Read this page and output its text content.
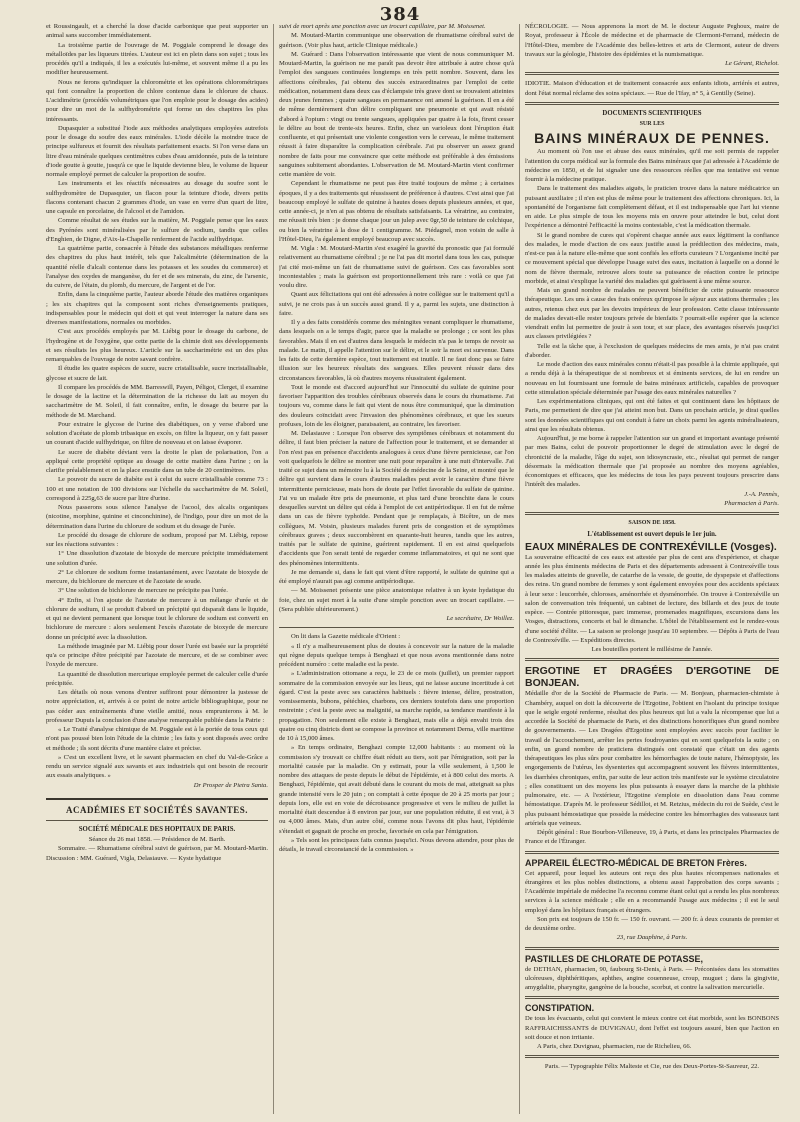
384

et Roussingault, et a cherché la dose d'acide carbonique que peut supporter un animal sans succomber immédiatement.

La troisième partie de l'ouvrage de M. Poggiale comprend le dosage des métalloïdes par les liqueurs titrées. L'auteur est ici en plein dans son sujet ; tous les procédés qu'il a indiqués, il les a exécutés lui-même, et souvent même il a pu les modifier heureusement.

Nous ne ferons qu'indiquer la chlorométrie et les opérations chlorométriques qui font connaître la proportion de chlore contenue dans le chlorure de chaux. L'acidimétrie (procédés volumétriques que l'on emploie pour le dosage des acides) pour dire un mot de la sulfhydrométrie qui forme un des chapitres les plus intéressants.

Dupasquier a substitué l'iode aux méthodes analytiques employées autrefois pour le dosage du soufre des eaux minérales. L'iode décèle la moindre trace de principe sulfureux et fournit des résultats parfaitement exacts. Si l'on verse dans un litre d'eau minérale quelques centimètres cubes d'eau amidonnée, puis de la teinture d'iode goutte à goutte, jusqu'à ce que le liquide devienne bleu, le volume de liqueur normale employé permet de calculer la proportion de soufre.

Les instruments et les réactifs nécessaires au dosage du soufre sont le sulfhydromètre de Dupasquier, un flacon pour la teinture d'iode, divers petits flacons contenant chacun 2 grammes d'iode, un vase en verre d'un quart de litre, une capsule en porcelaine, de l'alcool et de l'amidon.

Comme résultat de ses études sur la matière, M. Poggiale pense que les eaux des Pyrénées sont minéralisées par le sulfure de sodium, tandis que celles d'Enghien, de Digne, d'Aix-la-Chapelle renferment de l'acide sulfhydrique.

La quatrième partie, consacrée à l'étude des substances métalliques renferme des chapitres du plus haut intérêt, tels que l'alcalimétrie (détermination de la quantité réelle d'alcali contenue dans les potasses et les soudes du commerce) et l'analyse des oxydes de manganèse, du fer et de ses minerais, du zinc, de l'arsenic, du cuivre, de l'étain, du plomb, du mercure, de l'argent et de l'or.

Enfin, dans la cinquième partie, l'auteur aborde l'étude des matières organiques ; les six chapitres qui la composent sont riches d'enseignements pratiques, indispensables pour le médecin qui doit et qui veut interroger la nature dans ses diverses manifestations, normales ou morbides.

C'est aux procédés employés par M. Liébig pour le dosage du carbone, de l'hydrogène et de l'oxygène, que cette partie de la chimie doit ses développements et ses résultats les plus heureux. L'article sur la saccharimétrie est un des plus remarquables de l'ouvrage de notre savant confrère.

Il étudie les quatre espèces de sucre, sucre cristallisable, sucre incristallisable, glycose et sucre de lait.

Il compare les procédés de MM. Barreswill, Payen, Péligot, Clerget, il examine le dosage de la lactine et la détermination de la richesse du lait au moyen du saccharimètre de M. Soleil, il fait connaître, enfin, le dosage du beurre par la méthode de M. Marchand.

Pour extraire le glycose de l'urine des diabétiques, on y verse d'abord une solution d'acétate de plomb tribasique en excès, on filtre la liqueur, on y fait passer un courant d'acide sulfhydrique, on filtre de nouveau et on laisse évaporer.

Le sucre de diabète déviant vers la droite le plan de polarisation, l'on a appliqué cette propriété optique au dosage de cette matière dans l'urine ; on la clarifie préalablement et on la place ensuite dans un tube de 20 centimètres.

Le pouvoir du sucre de diabète est à celui du sucre cristallisable comme 73 : 100 et une notation de 100 divisions sur l'échelle du saccharimètre de M. Soleil, correspond à 225g,63 de sucre par litre d'urine.

Nous passerons sous silence l'analyse de l'acool, des alcalis organiques (nicotine, morphine, quinine et cinconchinine), de l'indigo, pour dire un mot de la détermination dans l'urine du chlorure de sodium et du dosage de l'urée.

Le procédé du dosage de chlorure de sodium, proposé par M. Liébig, repose sur les réactions suivantes :

1° Une dissolution d'azotate de bioxyde de mercure précipite immédiatement une solution d'urée.

2° Le chlorure de sodium forme instantanément, avec l'azotate de bioxyde de mercure, du bichlorure de mercure et de l'azotate de soude.

3° Une solution de bichlorure de mercure ne précipite pas l'urée.

4° Enfin, si l'on ajoute de l'azotate de mercure à un mélange d'urée et de chlorure de sodium, il se produit d'abord un précipité qui disparaît dans le liquide, et qui ne devient permanent que lorsque tout le chlorure de sodium est converti en bichlorure de mercure : alors seulement l'excès d'azotate de bioxyde de mercure donne un précipité avec la dissolution.

La méthode imaginée par M. Liébig pour doser l'urée est basée sur la propriété qu'a ce principe d'être précipité par l'azotate de mercure, et de se combiner avec l'oxyde de mercure.

La quantité de dissolution mercurique employée permet de calculer celle d'urée précipitée.

Les détails où nous venons d'entrer suffiront pour démontrer la justesse de notre appréciation, et, arrivés à ce point de notre article bibliographique, pour ne pas céder aux entraînements d'une vieille amitié, nous emprunterons à M. le professeur Dupuis la conclusion d'une analyse remarquable publiée dans la Patrie :

« Le Traité d'analyse chimique de M. Poggiale est à la portée de tous ceux qui n'ont pas poussé bien loin l'étude de la chimie ; les faits y sont disposés avec ordre et méthode ; ils sont décrits d'une manière claire et précise.

» C'est un excellent livre, et le savant pharmacien en chef du Val-de-Grâce a rendu un service signalé aux savants et aux industriels qui ont besoin de recourir aux essais analytiques. »

Dr Prosper de Pietra Santa.

ACADÉMIES ET SOCIÉTÉS SAVANTES.
SOCIÉTÉ MÉDICALE DES HOPITAUX DE PARIS.

Séance du 26 mai 1858. — Présidence de M. Barth.

Sommaire. — Rhumatisme cérébral suivi de guérison, par M. Moutard-Martin. Discussion : MM. Guérard, Vigla, Delasiauve. — Kyste hydatique

suivi de mort après une ponction avec un trocart capillaire, par M. Moissenet.

M. Moutard-Martin communique une observation de rhumatisme cérébral suivi de guérison. (Voir plus haut, article Clinique médicale.)

M. Guérard : Dans l'observation intéressante que vient de nous communiquer M. Moutard-Martin, la guérison ne me paraît pas devoir être attribuée à autre chose qu'à l'emploi des sangsues continuées longtemps en très petit nombre. Souvent, dans les affections cérébrales, j'ai obtenu des succès extraordinaires par l'emploi de cette médication, notamment dans deux cas d'éclampsie très grave dont se trouvaient atteintes deux jeunes femmes ; quatre sangsues en permanence ont amené la guérison. Il en a été de même dernièrement d'un délire compliquant une pneumonie et qui avait résisté d'abord à l'opium : vingt ou trente sangsues, appliquées par quatre à la fois, firent cesser le délire au bout de trente-six heures. Enfin, chez un varioleux dont l'éruption était confluente, et qui présentait une violente congestion vers le cerveau, le même traitement réussit à faire disparaître la complication cérébrale. J'ai pu observer un assez grand nombre de faits pour me convaincre que cette méthode est préférable à des émissions sanguines subitement abondantes. L'observation de M. Moutard-Martin vient confirmer cette manière de voir.

Cependant le rhumatisme ne peut pas être traité toujours de même ; à certaines époques, il y a des traitements qui réussissent de préférence à d'autres. C'est ainsi que j'ai beaucoup employé le sulfate de quinine à hautes doses depuis plusieurs années, et que, cette année-ci, je n'en ai pas obtenu de résultats satisfaisants. La vératrine, au contraire, me réussit très bien : je donne chaque jour un julep avec 0gr,50 de teinture de colchique, ou bien la vératrine à la dose de 1 centigramme. M. Piédagnel, mon voisin de salle à l'Hôtel-Dieu, l'a également employé beaucoup avec succès.

M. Vigla : M. Moutard-Martin s'est exagéré la gravité du pronostic que j'ai formulé relativement au rhumatisme cérébral ; je ne l'ai pas dit mortel dans tous les cas, puisque j'ai cité moi-même un fait de rhumatisme suivi de guérison. Ces cas favorables sont incontestables ; mais la guérison est proportionnellement très rare : voilà ce que j'ai voulu dire.

Quant aux félicitations qui ont été adressées à notre collègue sur le traitement qu'il a suivi, je ne crois pas à un succès aussi grand. Il y a, parmi les sujets, une distinction à faire.

Il y a des faits considérés comme des méningites venant compliquer le rhumatisme, dans lesquels on a le temps d'agir, parce que la maladie se prolonge ; ce sont les plus favorables. Mais il en est d'autres dans lesquels le médecin n'a pas le temps de revoir sa malade. Le matin, il appelle l'attention sur le délire, et le soir la mort est survenue. Dans les faits de cette dernière espèce, tout traitement est inutile. Il ne faut donc pas se faire illusion sur les heureux résultats des sangsues. Elles peuvent réussir dans des circonstances favorables, là où d'autres moyens réussiraient également.

Tout le monde est d'accord aujourd'hui sur l'innocuité du sulfate de quinine pour favoriser l'apparition des troubles cérébraux observés dans le cours du rhumatisme. J'ai toujours vu, comme dans le fait qui vient de nous être communiqué, que la diminution des douleurs coïncidait avec l'invasion des phénomènes cérébraux, et que les sueurs profuses, loin de les éloigner, paraissaient, au contraire, les favoriser.

M. Delasiauve : Lorsque l'on observe des symptômes cérébraux et notamment du délire, il faut bien préciser la nature de l'affection pour le traitement, et se demander si l'on n'est pas en présence d'accidents analogues à ceux d'une fièvre pernicieuse, car l'on voit quelquefois le délire se montrer une nuit pour reparaître à une nuit d'intervalle. J'ai traité ce sujet dans un mémoire lu à la Société de médecine de la Seine, et montré que le délire qui survient dans le cours d'autres maladies peut avoir le caractère d'une fièvre intermittente pernicieuse, mais hors de doute par l'effet favorable du sulfate de quinine. J'ai vu un malade être pris de pneumonie, et plus tard d'une bronchite dans le cours desquelles survint un délire qui céda à l'emploi de cet antipériodique. Il en fut de même dans un cas de fièvre typhoïde. Pendant que je remplaçais, à Bicêtre, un de mes collègues, M. Voisin, plusieurs malades furent pris de congestion et de symptômes cérébraux graves ; deux succombèrent en quarante-huit heures, tandis que les autres, traités par le sulfate de quinine, guérirent rapidement. Il en est ainsi quelquefois d'accidents que l'on serait tenté de regarder comme inflammatoires, et qui ne sont que des phénomènes intermittents.

Je me demande si, dans le fait qui vient d'être rapporté, le sulfate de quinine qui a été employé n'aurait pas agi comme antipériodique.

— M. Moissenet présente une pièce anatomique relative à un kyste hydatique du foie, chez un sujet mort à la suite d'une simple ponction avec un trocart capillaire. — (Sera publiée ultérieurement.)

Le secrétaire, Dr Woillez.

On lit dans la Gazette médicale d'Orient :

« Il n'y a malheureusement plus de doutes à concevoir sur la nature de la maladie qui règne depuis quelque temps à Benghazi et que nous avons mentionnée dans notre précédent numéro : cette maladie est la peste.

» L'administration ottomane a reçu, le 23 de ce mois (juillet), un premier rapport sommaire de la commission envoyée sur les lieux, qui ne laisse aucune incertitude à cet égard. C'est la peste avec ses caractères habituels : fièvre intense, délire, prostration, vomissements, bubons, pétéchies, charbons, ces derniers toutefois dans une proportion restreinte ; c'est la peste avec sa malignité, sa marche rapide, sa tendance manifeste à la propagation. Non seulement elle existe à Benghazi, mais elle a déjà envahi trois des quatre ou cinq districts dont se compose la province et notamment Derna, ville maritime de 10 à 15,000 âmes.

» En temps ordinaire, Benghazi compte 12,000 habitants : au moment où la commission s'y trouvait ce chiffre était réduit au tiers, soit par l'émigration, soit par la mortalité causée par la maladie. On y estimait, pour la ville seulement, à 1,500 le nombre des attaques de peste depuis le début de l'épidémie, et à 800 celui des morts. A Benghazi, l'épidémie, qui avait débuté dans le courant du mois de mai, atteignait sa plus grande intensité vers le 20 juin ; on comptait à cette époque de 20 à 25 morts par jour ; depuis lors, elle est en voie de décroissance progressive et vers le milieu de juillet la mortalité était descendue à 8 environ par jour, sur une population réduite, il est vrai, à 3 ou 4,000 âmes. Mais, d'un autre côté, comme nous l'avons dit plus haut, l'épidémie s'étendait et gagnait de proche en proche, favorisée en cela par l'émigration.

» Tels sont les principaux faits connus jusqu'ici. Nous devons attendre, pour plus de détails, le travail circonstancié de la commission. »

NÉCROLOGIE. — Nous apprenons la mort de M. le docteur Auguste Peghoux, maire de Royat, professeur à l'École de médecine et de pharmacie de Clermont-Ferrand, médecin de l'Hôtel-Dieu, membre de l'Académie des belles-lettres et arts de Clermont, auteur de divers travaux sur la géologie, l'histoire des épidémies et la numismatique.

Le Gérant, Richelot.

IDIOTIE. Maison d'éducation et de traitement consacrée aux enfants idiots, arriérés et autres, dont l'état normal réclame des soins spéciaux. — Rue de l'Ifay, n° 5, à Gentilly (Seine).

DOCUMENTS SCIENTIFIQUES
SUR LES
BAINS MINÉRAUX DE PENNES.

Au moment où l'on use et abuse des eaux minérales, qu'il me soit permis de rappeler l'attention du corps médical sur la formule des Bains minéraux que j'ai adressée à l'Académie de médecine en 1850, et de lui signaler une des ressources réelles que ma tentative est venue fournir à la médecine pratique.

Dans le traitement des maladies aiguës, le praticien trouve dans la nature médicatrice un puissant auxiliaire ; il n'en est plus de même pour le traitement des affections chroniques. Ici, la spontanéité de l'organisme fait complètement défaut, et il est indispensable que l'art lui vienne en aide. Le plus simple de tous les moyens mis en œuvre pour atteindre le but, celui dont l'expérience a démontré l'efficacité la moins contestable, c'est la médication thermale.

Si le grand nombre de cures qui s'opèrent chaque année aux eaux légitiment la confiance des malades, le mode d'action de ces eaux justifie aussi la prédilection des médecins, mais, n'est-ce pas à la nature elle-même que sont confiés les efforts curateurs ? L'organisme incité par ce mouvement spécial que développe l'usage suivi des eaux, incitation à laquelle on a donné le nom de fièvre thermale, retrouve alors toute sa puissance de réaction contre le principe morbide, et ainsi s'explique la variété des maladies qui guérissent à une même source.

Mais un grand nombre de malades ne peuvent bénéficier de cette puissante ressource thérapeutique. Les uns à cause des frais onéreux qu'impose le séjour aux stations thermales ; les autres, retenus chez eux par les devoirs impérieux de leur profession. Cette classe intéressante de malades devait-elle rester toujours privée de bienfaits ? pourrait-elle espérer que la science viendrait enfin lui permettre de jouir à son tour, et sur place, des avantages réservés jusqu'ici aux classes privilégiées ?

Telle est la tâche que, à l'exclusion de quelques médecins de mes amis, je n'ai pas craint d'aborder.

Le mode d'action des eaux minérales connu n'était-il pas possible à la chimie appliquée, qui a rendu déjà à la thérapeutique de si nombreux et si éminents services, de lui en rendre un nouveau en lui fournissant une formule de bains minéraux artificiels, capables de provoquer cette stimulation spéciale déterminée par l'usage des eaux minérales naturelles ?

Les expérimentations cliniques, qui ont été faites et qui continuent dans les hôpitaux de Paris, me permettent de dire que j'ai atteint mon but. Dans un prochain article, je dirai quelles sont les données scientifiques qui ont conduit à faire un choix parmi les agents minéralisateurs, ainsi que les résultats obtenus.

Aujourd'hui, je me borne à rappeler l'attention sur un grand et important avantage présenté par mes Bains, celui de pouvoir proportionner le degré de stimulation avec le degré de chronicité de la maladie, l'âge du sujet, son idiosyncrasie, etc., résultat qui permet de ranger désormais la médication thermale que j'ai proposée au nombre des moyens agréables, économiques et efficaces, que les médecins de tous les pays peuvent toujours prescrire dans l'intérêt des malades.

J.-A. Pennès,

Pharmacien à Paris.

SAISON DE 1858.
L'établissement est ouvert depuis le 1er juin.
EAUX MINÉRALES DE CONTREXÉVILLE (Vosges).

La souveraine efficacité de ces eaux est attestée par plus de cent ans d'expérience, et chaque année les plus éminents médecins de Paris et des départements adressent à Contrexéville tous les malades atteints de gravelle, de catarrhe de la vessie, de goutte, de dyspepsie et d'affections des reins. Un grand nombre de femmes y sont également envoyées pour des accidents spéciaux à leur sexe : leucorrhée, chloroses, aménorrhée et dysménorrhée. On trouve à Contrexéville un salon de conversation très fréquenté, un cabinet de lecture, des billards et des jeux de toute espèce. — Contrée pittoresque, parc immense, promenades magnifiques, excursions dans les Vosges, distractions, concerts et bal le dimanche. L'hôtel de l'établissement est le rendez-vous d'une société d'élite. — La saison se prolonge jusqu'au 10 septembre. — Dépôts à Paris de l'eau de Contrexéville. — Expéditions directes.

Les bouteilles portent le millésime de l'année.

ERGOTINE ET DRAGÉES D'ERGOTINE DE BONJEAN.

Médaille d'or de la Société de Pharmacie de Paris. — M. Bonjean, pharmacien-chimiste à Chambéry, auquel on doit la découverte de l'Ergotine, l'obtient en l'isolant du principe toxique que le seigle ergoté renferme, résultat des plus heureux qui lui a valu la récompense que lui a accordée la Société de pharmacie de Paris, et des distinctions honorifiques d'un grand nombre de gouvernements. — Les Dragées d'Ergotine sont employées avec succès pour faciliter le travail de l'accouchement, arrêter les pertes foudroyantes qui en sont quelquefois la suite ; on enfin, un grand nombre de praticiens distingués ont constaté que c'était un des agents thérapeutiques les plus sûrs pour combattre les hémorrhagies de toute nature, l'hémoptysie, les engorgements de l'utérus, les dysenteries qui accompagnent souvent les fièvres intermittentes, les diarrhées chroniques, enfin, par suite de leur action très manifeste sur le système circulatoire ; elles constituent un des moyens les plus puissants à essayer dans la marche de la phthisie pulmonaire, etc. — A l'extérieur, l'Ergotine s'emploie en dissolution dans l'eau comme hémostatique. D'après M. le professeur Sédillot, et M. Retzius, médecin du roi de Suède, c'est le plus puissant hémostatique que possède la médecine contre les hémorrhagies des vaisseaux tant artériels que veineux.

Dépôt général : Rue Bourbon-Villeneuve, 19, à Paris, et dans les principales Pharmacies de France et de l'Étranger.

APPAREIL ÉLECTRO-MÉDICAL DE BRETON Frères.

Cet appareil, pour lequel les auteurs ont reçu des plus hautes récompenses nationales et étrangères et les plus nobles distinctions, a obtenu aussi l'approbation des corps savants ; l'Académie impériale de médecine l'a reconnu comme étant celui qui a rendu les plus nombreux services à la science médicale ; elle en a recommandé l'usage aux médecins ; il est le seul employé dans les hôpitaux français et étrangers.

Son prix est toujours de 150 fr. — 150 fr. ouvrant. — 200 fr. à deux courants de premier et de deuxième ordre.

23, rue Dauphine, à Paris.

PASTILLES DE CHLORATE DE POTASSE,

de DETHAN, pharmacien, 90, faubourg St-Denis, à Paris. — Préconisées dans les stomatites ulcéreuses, diphthéritiques, aphthes, angine couenneuse, croup, muguet ; dans la gingivite, amygdalite, pharyngite, gangrène de la bouche, scorbut, et contre la salivation mercurielle.

CONSTIPATION.

De tous les évacuants, celui qui convient le mieux contre cet état morbide, sont les BONBONS RAFFRAICHISSANTS de DUVIGNAU, dont l'effet est toujours assuré, bien que l'action en soit douce et non irritante.

A Paris, chez Duvignau, pharmacien, rue de Richelieu, 66.

Paris. — Typographie Félix Malteste et Cie, rue des Deux-Portes-St-Sauveur, 22.
